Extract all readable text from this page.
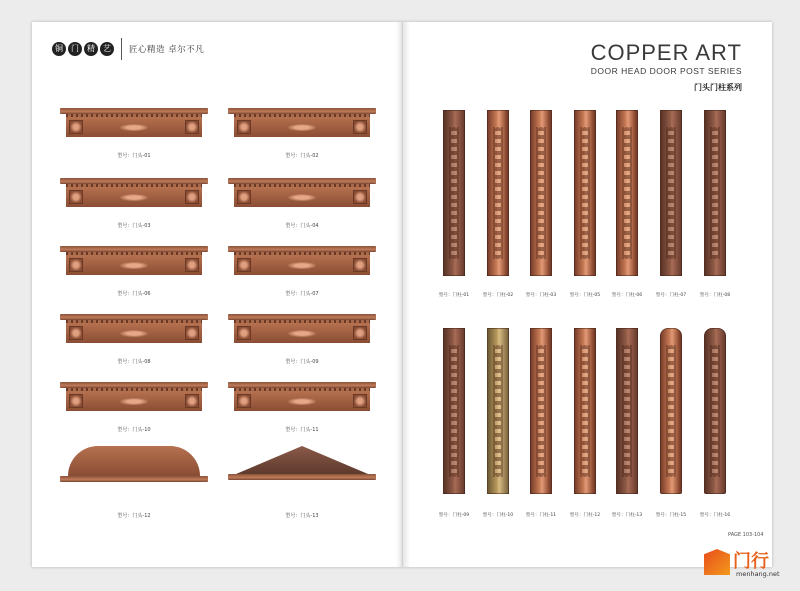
铜	门	精	艺	匠心精造 卓尔不凡	COPPER ART
DOOR HEAD DOOR POST SERIES
门头门柱系列
型号：门头-01	型号：门头-02
型号：门头-03	型号：门头-04
型号：门头-06	型号：门头-07
型号：门头-08	型号：门头-09
型号：门头-10	型号：门头-11
型号：门头-12	型号：门头-13
型号：门柱-01	型号：门柱-02	型号：门柱-03	型号：门柱-05	型号：门柱-06	型号：门柱-07	型号：门柱-08
型号：门柱-09	型号：门柱-10	型号：门柱-11	型号：门柱-12	型号：门柱-13	型号：门柱-15	型号：门柱-16
PAGE 103-104
门行
menhang.net
